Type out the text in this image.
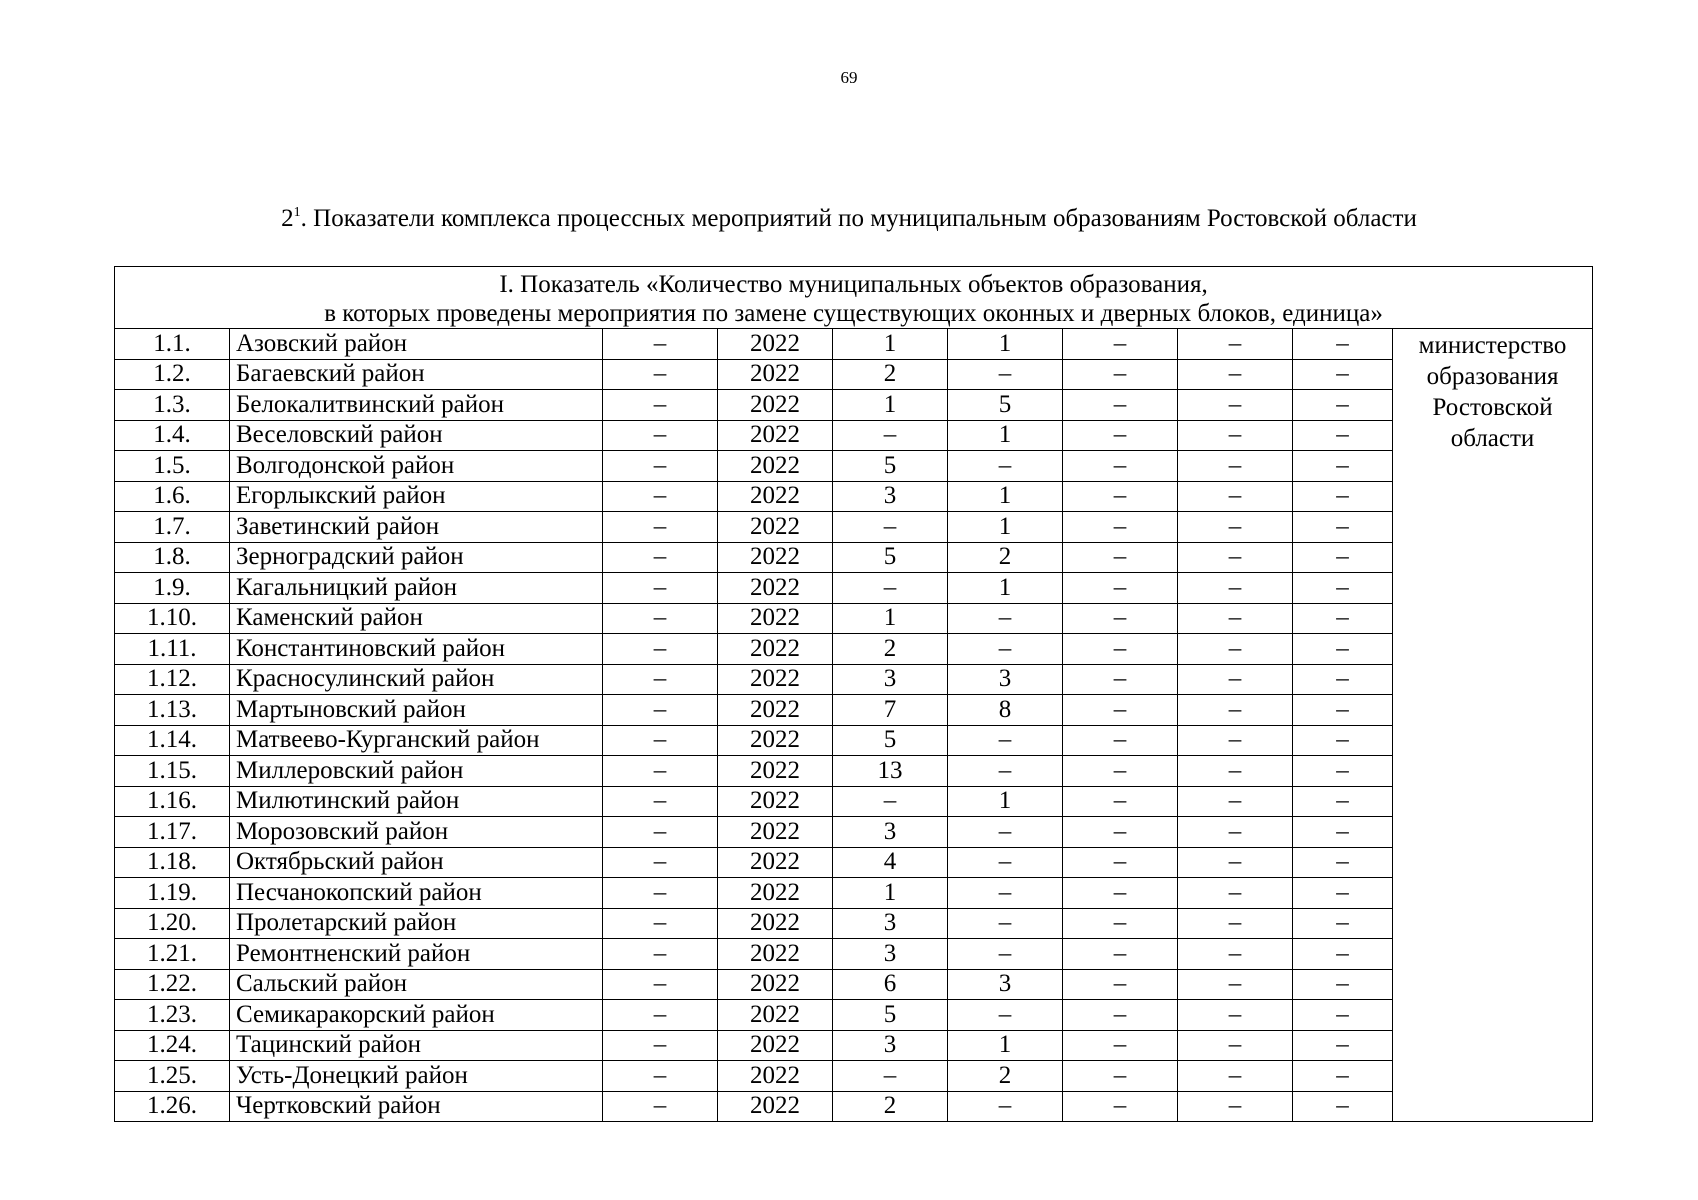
69
$2^1$. Показатели комплекса процессных мероприятий по муниципальным образованиям Ростовской области
I. Показатель «Количество муниципальных объектов образования,
в которых проведены мероприятия по замене существующих оконных и дверных блоков, единица»									

1.1.	Азовский район	–	2022	1	1	–	–	–	министерство
образования
Ростовской
области

1.2.	Багаевский район	–	2022	2	–	–	–	–	
1.3.	Белокалитвинский район	–	2022	1	5	–	–	–	
1.4.	Веселовский район	–	2022	–	1	–	–	–	
1.5.	Волгодонской район	–	2022	5	–	–	–	–	
1.6.	Егорлыкский район	–	2022	3	1	–	–	–	
1.7.	Заветинский район	–	2022	–	1	–	–	–	
1.8.	Зерноградский район	–	2022	5	2	–	–	–	
1.9.	Кагальницкий район	–	2022	–	1	–	–	–	
1.10.	Каменский район	–	2022	1	–	–	–	–	
1.11.	Константиновский район	–	2022	2	–	–	–	–	
1.12.	Красносулинский район	–	2022	3	3	–	–	–	
1.13.	Мартыновский район	–	2022	7	8	–	–	–	
1.14.	Матвеево-Курганский район	–	2022	5	–	–	–	–	
1.15.	Миллеровский район	–	2022	13	–	–	–	–	
1.16.	Милютинский район	–	2022	–	1	–	–	–	
1.17.	Морозовский район	–	2022	3	–	–	–	–	
1.18.	Октябрьский район	–	2022	4	–	–	–	–	
1.19.	Песчанокопский район	–	2022	1	–	–	–	–	
1.20.	Пролетарский район	–	2022	3	–	–	–	–	
1.21.	Ремонтненский район	–	2022	3	–	–	–	–	
1.22.	Сальский район	–	2022	6	3	–	–	–	
1.23.	Семикаракорский район	–	2022	5	–	–	–	–	
1.24.	Тацинский район	–	2022	3	1	–	–	–	
1.25.	Усть-Донецкий район	–	2022	–	2	–	–	–	
1.26.	Чертковский район	–	2022	2	–	–	–	–	
